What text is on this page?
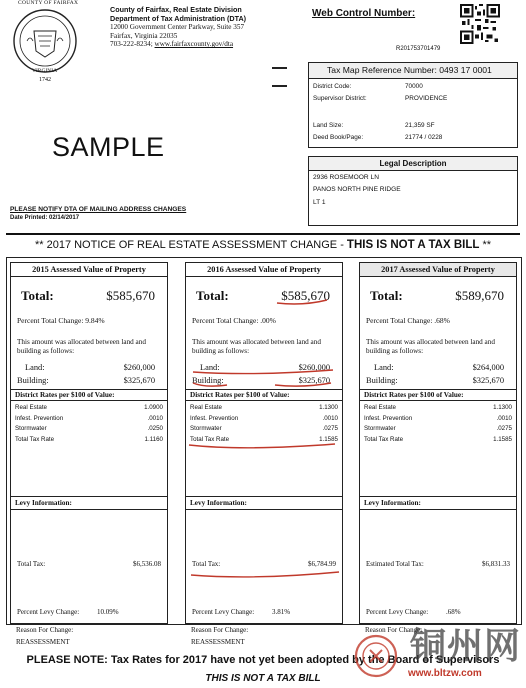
1742
COUNTY OF FAIRFAX
VIRGINIA
County of Fairfax, Real Estate Division
Department of Tax Administration (DTA)
12000 Government Center Parkway, Suite 357
Fairfax, Virginia 22035
703-222-8234; www.fairfaxcounty.gov/dta
Web Control Number:
R201753701479
SAMPLE
Tax Map Reference Number: 0493 17 0001
District Code:	70000
Supervisor District:	PROVIDENCE
Land Size:	21,359 SF
Deed Book/Page:	21774 / 0228
Legal Description
2936 ROSEMOOR LN
PANOS NORTH PINE RIDGE
LT 1
PLEASE NOTIFY DTA OF MAILING ADDRESS CHANGES
Date Printed: 02/14/2017
** 2017 NOTICE OF REAL ESTATE ASSESSMENT CHANGE - THIS IS NOT A TAX BILL **
2015 Assessed Value of Property
Total:	$585,670
Percent Total Change: 9.84%
This amount was allocated between land and building as follows:
Land:	$260,000
Building:	$325,670
District Rates per $100 of Value:
Real Estate	1.0900
Infest. Prevention	.0010
Stormwater	.0250
Total Tax Rate	1.1160
Levy Information:
Total Tax:	$6,536.08
Percent Levy Change:	10.09%
2016 Assessed Value of Property
Total:	$585,670
Percent Total Change: .00%
This amount was allocated between land and building as follows:
Land:	$260,000
Building:	$325,670
District Rates per $100 of Value:
Real Estate	1.1300
Infest. Prevention	.0010
Stormwater	.0275
Total Tax Rate	1.1585
Levy Information:
Total Tax:	$6,784.99
Percent Levy Change:	3.81%
2017 Assessed Value of Property
Total:	$589,670
Percent Total Change: .68%
This amount was allocated between land and building as follows:
Land:	$264,000
Building:	$325,670
District Rates per $100 of Value:
Real Estate	1.1300
Infest. Prevention	.0010
Stormwater	.0275
Total Tax Rate	1.1585
Levy Information:
Estimated Total Tax:	$6,831.33
Percent Levy Change:	.68%
Reason For Change:
REASSESSMENT
Reason For Change:
REASSESSMENT
Reason For Change:
PLEASE NOTE: Tax Rates for 2017 have not yet been adopted by the Board of Supervisors
THIS IS NOT A TAX BILL
铜州网
www.bltzw.com
